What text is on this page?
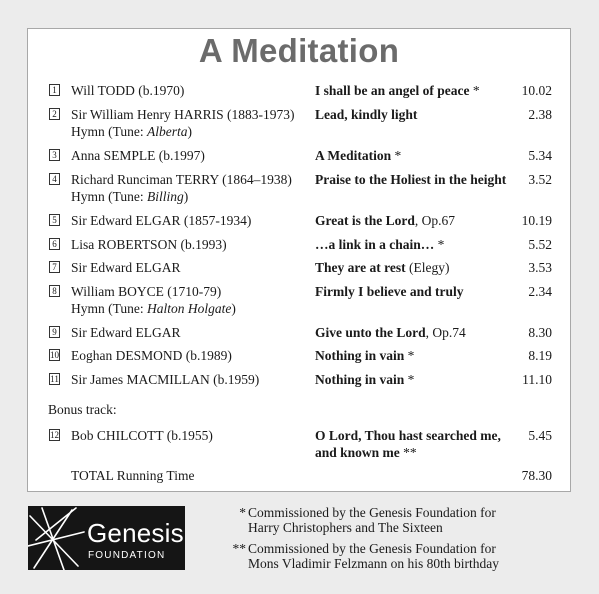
A Meditation
1 Will TODD (b.1970)	I shall be an angel of peace *	10.02
2 Sir William Henry HARRIS (1883-1973)
Hymn (Tune: Alberta)
Lead, kindly light	2.38
3 Anna SEMPLE (b.1997)	A Meditation *	5.34
4 Richard Runciman TERRY (1864–1938)
Hymn (Tune: Billing)
Praise to the Holiest in the height	3.52
5 Sir Edward ELGAR (1857-1934)	Great is the Lord, Op.67	10.19
6 Lisa ROBERTSON (b.1993)	…a link in a chain… *	5.52
7 Sir Edward ELGAR	They are at rest (Elegy)	3.53
8 William BOYCE (1710-79)
Hymn (Tune: Halton Holgate)
Firmly I believe and truly	2.34
9 Sir Edward ELGAR	Give unto the Lord, Op.74	8.30
10 Eoghan DESMOND (b.1989)	Nothing in vain *	8.19
11 Sir James MACMILLAN (b.1959)	Nothing in vain *	11.10
Bonus track:
12 Bob CHILCOTT (b.1955)	O Lord, Thou hast searched me,
and known me **
5.45
TOTAL Running Time	78.30
Genesis
FOUNDATION
* Commissioned by the Genesis Foundation for
Harry Christophers and The Sixteen
** Commissioned by the Genesis Foundation for
Mons Vladimir Felzmann on his 80th birthday
